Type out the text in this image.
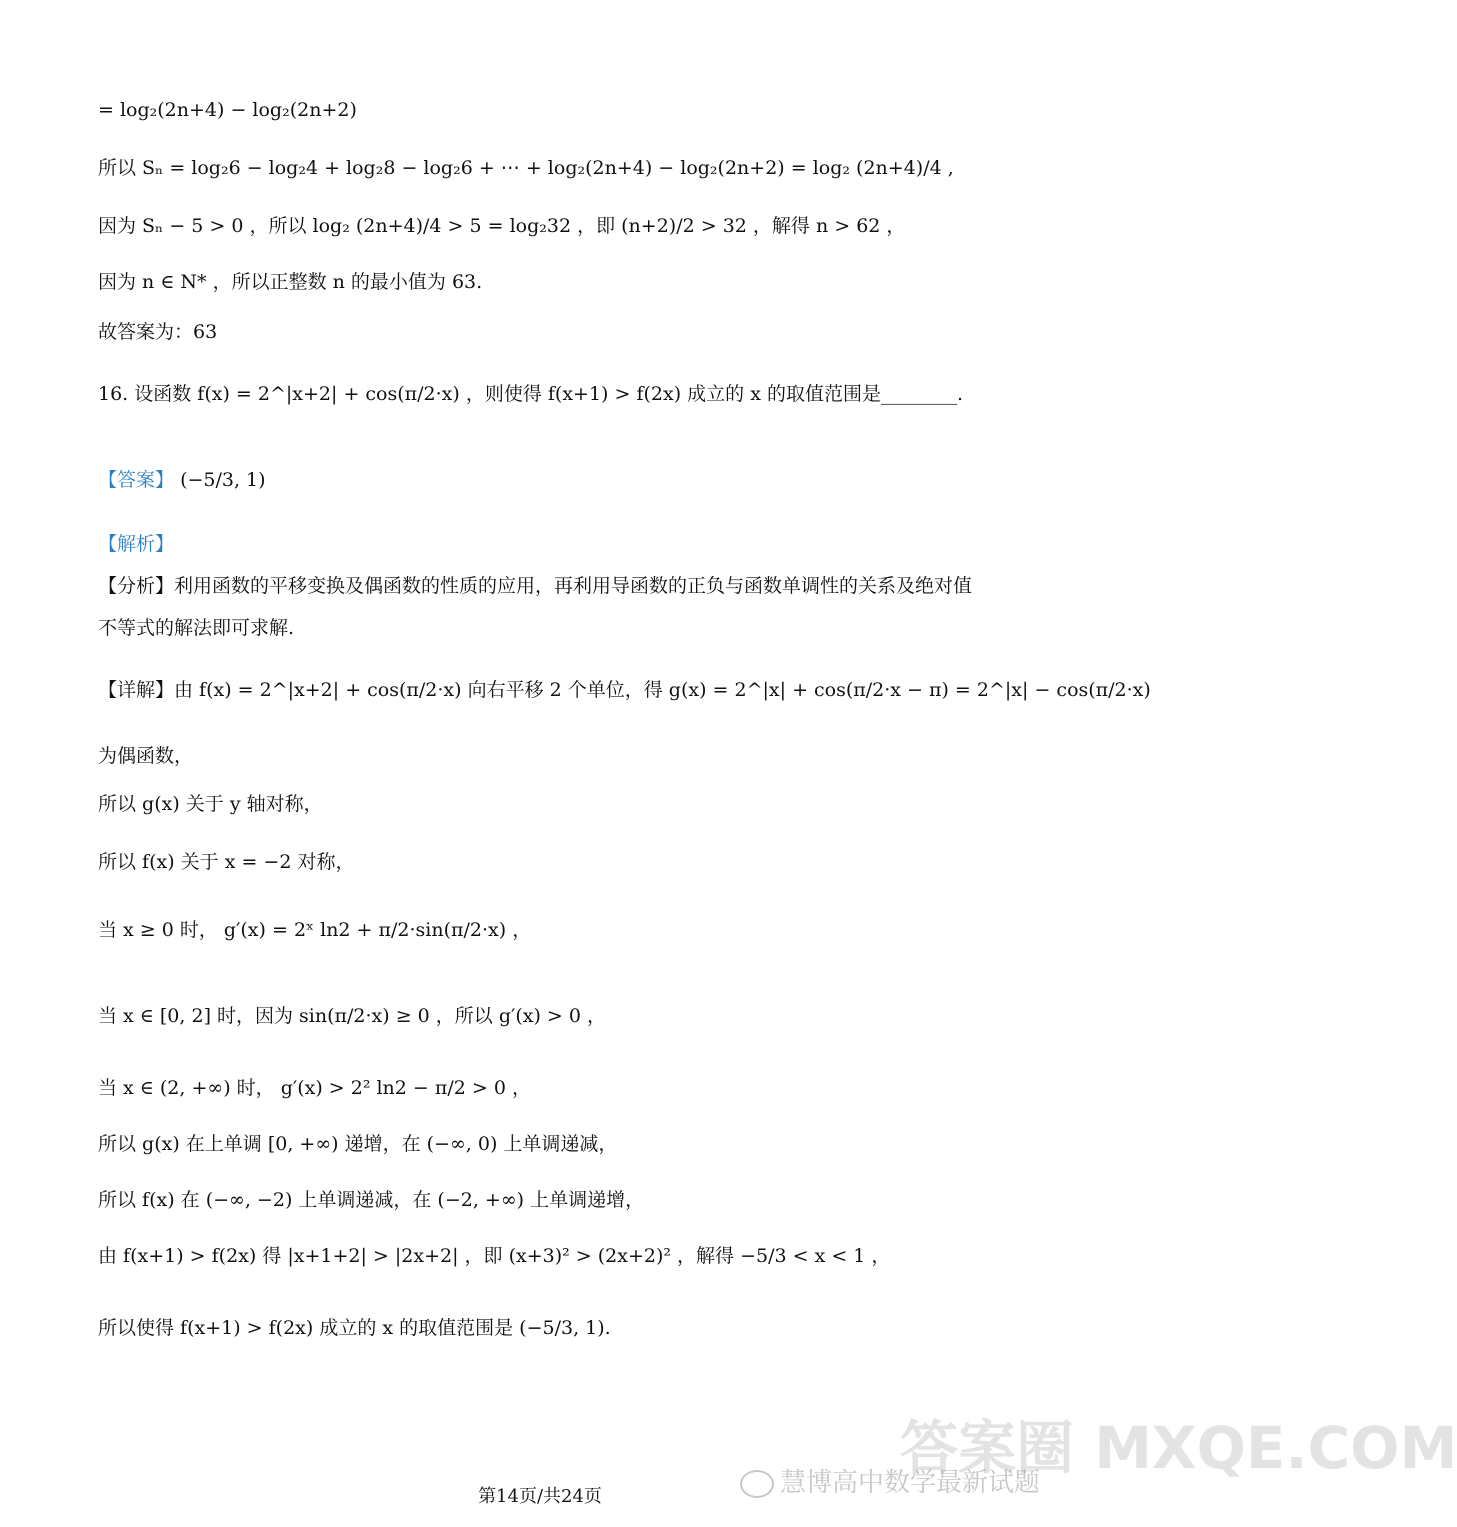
= log₂(2n+4) − log₂(2n+2)
所以 Sₙ = log₂6 − log₂4 + log₂8 − log₂6 + ⋯ + log₂(2n+4) − log₂(2n+2) = log₂ (2n+4)/4 ,
因为 Sₙ − 5 > 0 ，所以 log₂ (2n+4)/4 > 5 = log₂32 ，即 (n+2)/2 > 32 ，解得 n > 62 ，
因为 n ∈ N* ，所以正整数 n 的最小值为 63.
故答案为：63
16. 设函数 f(x) = 2^|x+2| + cos(π/2·x) ，则使得 f(x+1) > f(2x) 成立的 x 的取值范围是________.
【答案】 (−5/3, 1)
【解析】
【分析】利用函数的平移变换及偶函数的性质的应用，再利用导函数的正负与函数单调性的关系及绝对值
不等式的解法即可求解.
【详解】由 f(x) = 2^|x+2| + cos(π/2·x) 向右平移 2 个单位，得 g(x) = 2^|x| + cos(π/2·x − π) = 2^|x| − cos(π/2·x)
为偶函数，
所以 g(x) 关于 y 轴对称，
所以 f(x) 关于 x = −2 对称，
当 x ≥ 0 时， g′(x) = 2ˣ ln2 + π/2·sin(π/2·x) ，
当 x ∈ [0, 2] 时，因为 sin(π/2·x) ≥ 0 ，所以 g′(x) > 0 ，
当 x ∈ (2, +∞) 时， g′(x) > 2² ln2 − π/2 > 0 ，
所以 g(x) 在上单调 [0, +∞) 递增，在 (−∞, 0) 上单调递减，
所以 f(x) 在 (−∞, −2) 上单调递减，在 (−2, +∞) 上单调递增，
由 f(x+1) > f(2x) 得 |x+1+2| > |2x+2| ，即 (x+3)² > (2x+2)² ，解得 −5/3 < x < 1 ，
所以使得 f(x+1) > f(2x) 成立的 x 的取值范围是 (−5/3, 1).
答案圈 MXQE.COM
慧博高中数学最新试题
第14页/共24页
